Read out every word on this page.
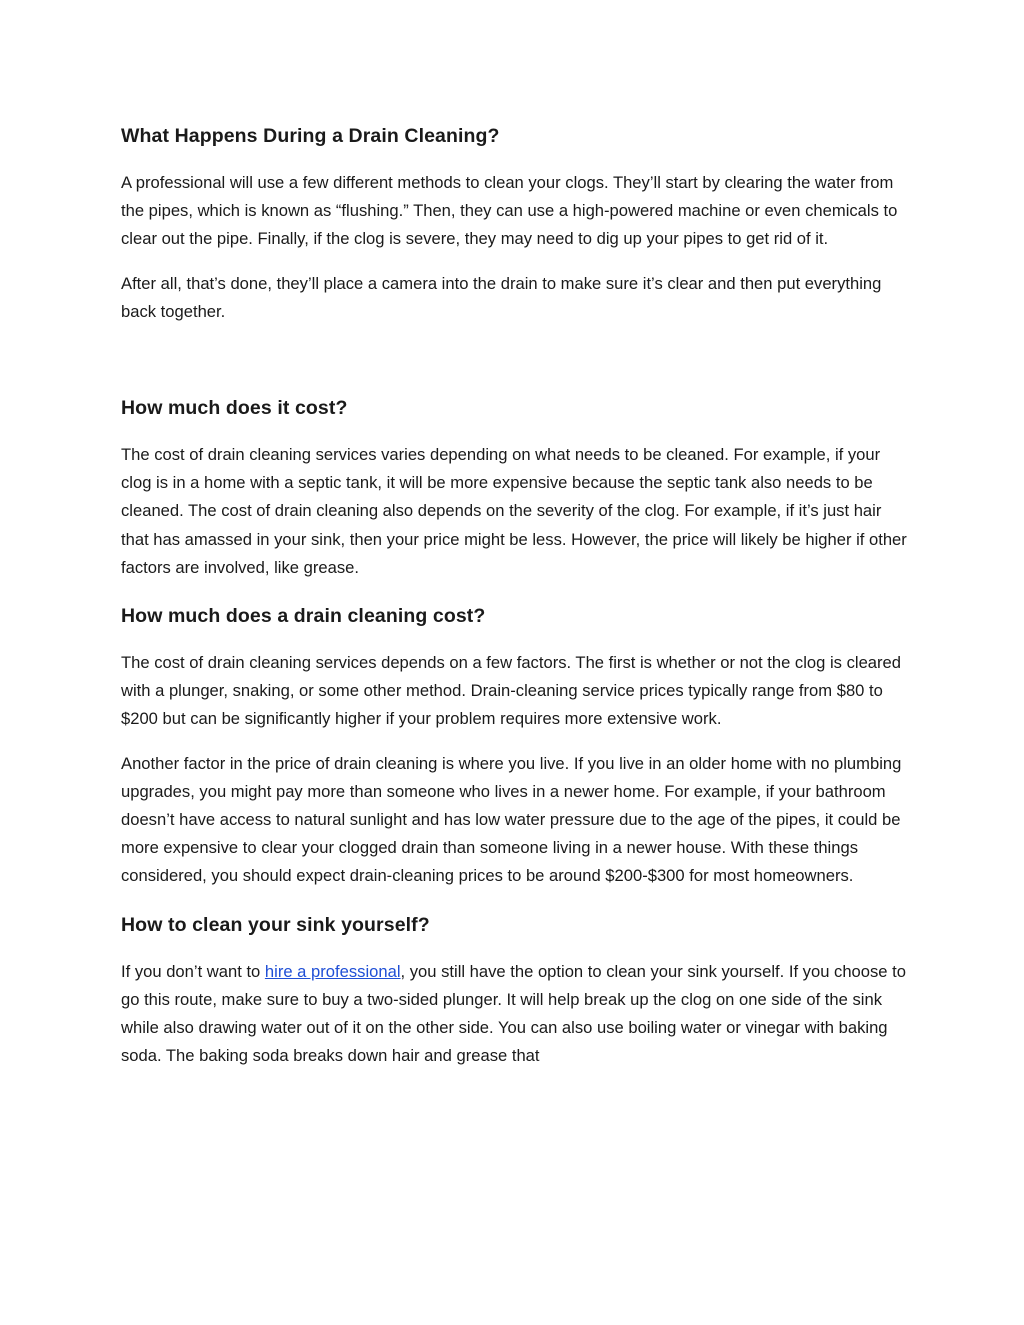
What Happens During a Drain Cleaning?

A professional will use a few different methods to clean your clogs. They’ll start by clearing the water from the pipes, which is known as “flushing.” Then, they can use a high-powered machine or even chemicals to clear out the pipe. Finally, if the clog is severe, they may need to dig up your pipes to get rid of it.

After all, that’s done, they’ll place a camera into the drain to make sure it’s clear and then put everything back together.

How much does it cost?

The cost of drain cleaning services varies depending on what needs to be cleaned. For example, if your clog is in a home with a septic tank, it will be more expensive because the septic tank also needs to be cleaned. The cost of drain cleaning also depends on the severity of the clog. For example, if it’s just hair that has amassed in your sink, then your price might be less. However, the price will likely be higher if other factors are involved, like grease.

How much does a drain cleaning cost?

The cost of drain cleaning services depends on a few factors. The first is whether or not the clog is cleared with a plunger, snaking, or some other method. Drain-cleaning service prices typically range from $80 to $200 but can be significantly higher if your problem requires more extensive work.

Another factor in the price of drain cleaning is where you live. If you live in an older home with no plumbing upgrades, you might pay more than someone who lives in a newer home. For example, if your bathroom doesn’t have access to natural sunlight and has low water pressure due to the age of the pipes, it could be more expensive to clear your clogged drain than someone living in a newer house. With these things considered, you should expect drain-cleaning prices to be around $200-$300 for most homeowners.

How to clean your sink yourself?

If you don’t want to hire a professional, you still have the option to clean your sink yourself. If you choose to go this route, make sure to buy a two-sided plunger. It will help break up the clog on one side of the sink while also drawing water out of it on the other side. You can also use boiling water or vinegar with baking soda. The baking soda breaks down hair and grease that
